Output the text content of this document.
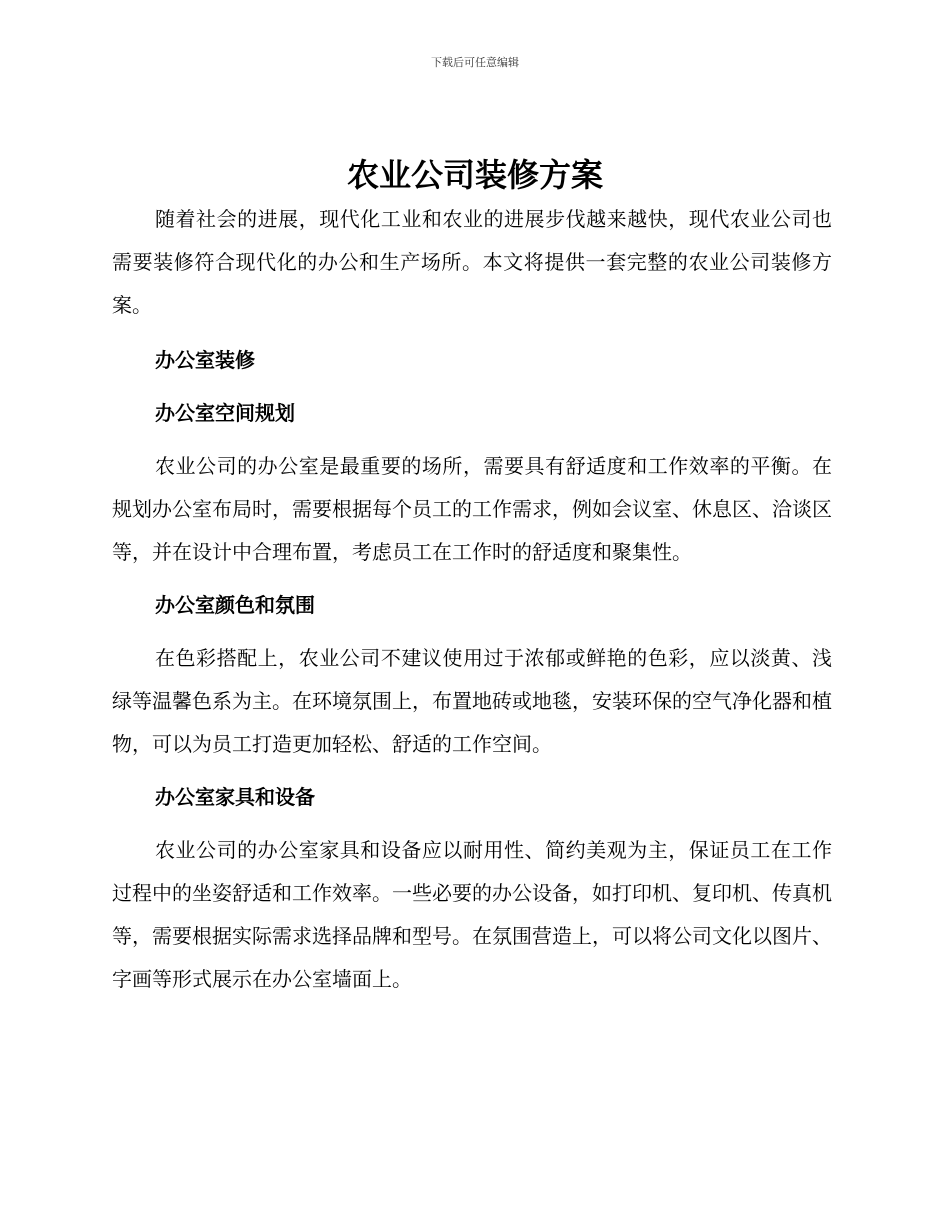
下载后可任意编辑
农业公司装修方案

随着社会的进展，现代化工业和农业的进展步伐越来越快，现代农业公司也需要装修符合现代化的办公和生产场所。本文将提供一套完整的农业公司装修方案。

办公室装修

办公室空间规划

农业公司的办公室是最重要的场所，需要具有舒适度和工作效率的平衡。在规划办公室布局时，需要根据每个员工的工作需求，例如会议室、休息区、洽谈区等，并在设计中合理布置，考虑员工在工作时的舒适度和聚集性。

办公室颜色和氛围

在色彩搭配上，农业公司不建议使用过于浓郁或鲜艳的色彩，应以淡黄、浅绿等温馨色系为主。在环境氛围上，布置地砖或地毯，安装环保的空气净化器和植物，可以为员工打造更加轻松、舒适的工作空间。

办公室家具和设备

农业公司的办公室家具和设备应以耐用性、简约美观为主，保证员工在工作过程中的坐姿舒适和工作效率。一些必要的办公设备，如打印机、复印机、传真机等，需要根据实际需求选择品牌和型号。在氛围营造上，可以将公司文化以图片、字画等形式展示在办公室墙面上。
